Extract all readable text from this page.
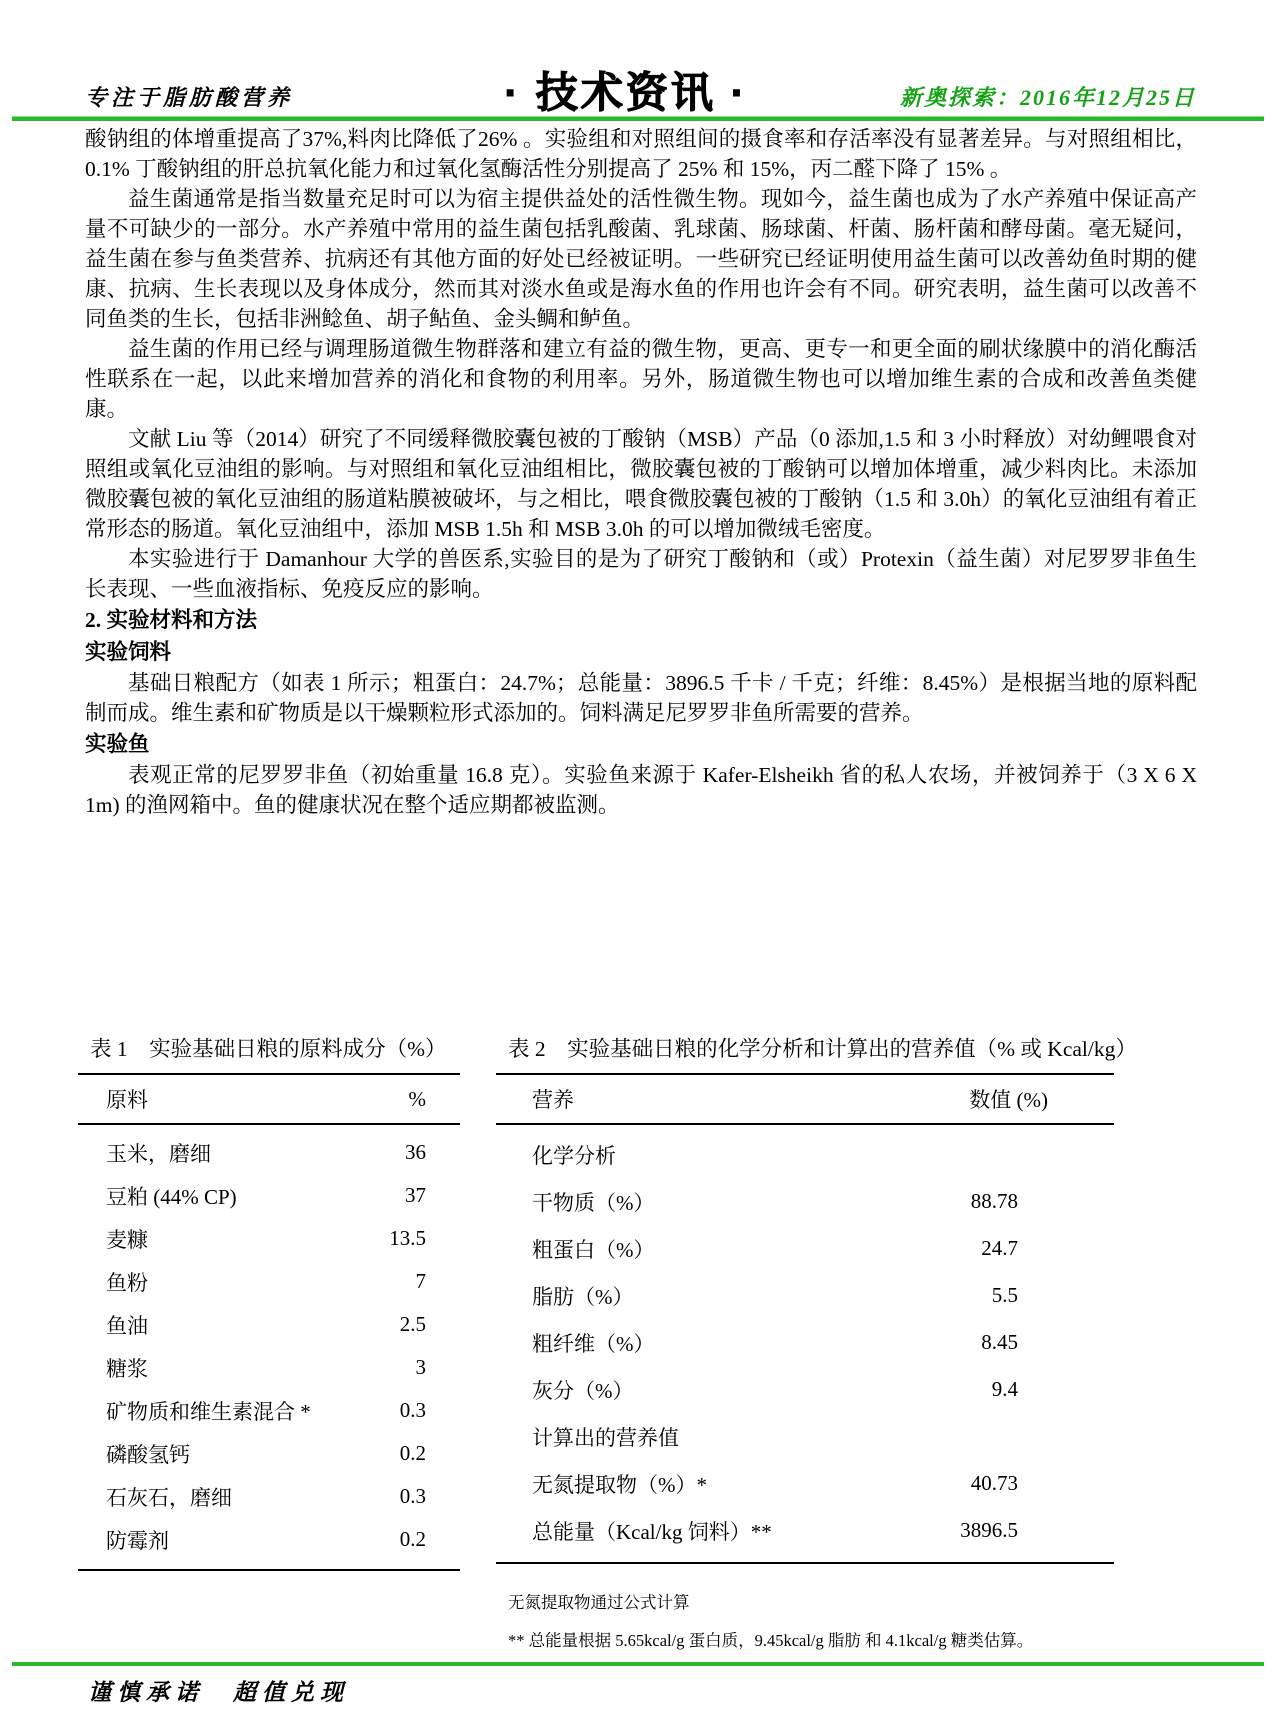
专注于脂肪酸营养	· 技术资讯 ·	新奥探索：2016年12月25日

酸钠组的体增重提高了37%,料肉比降低了26% 。实验组和对照组间的摄食率和存活率没有显著差异。与对照组相比，0.1% 丁酸钠组的肝总抗氧化能力和过氧化氢酶活性分别提高了 25% 和 15%，丙二醛下降了 15% 。

益生菌通常是指当数量充足时可以为宿主提供益处的活性微生物。现如今，益生菌也成为了水产养殖中保证高产量不可缺少的一部分。水产养殖中常用的益生菌包括乳酸菌、乳球菌、肠球菌、杆菌、肠杆菌和酵母菌。毫无疑问，益生菌在参与鱼类营养、抗病还有其他方面的好处已经被证明。一些研究已经证明使用益生菌可以改善幼鱼时期的健康、抗病、生长表现以及身体成分，然而其对淡水鱼或是海水鱼的作用也许会有不同。研究表明，益生菌可以改善不同鱼类的生长，包括非洲鲶鱼、胡子鲇鱼、金头鲷和鲈鱼。

益生菌的作用已经与调理肠道微生物群落和建立有益的微生物，更高、更专一和更全面的刷状缘膜中的消化酶活性联系在一起，以此来增加营养的消化和食物的利用率。另外，肠道微生物也可以增加维生素的合成和改善鱼类健康。

文献 Liu 等（2014）研究了不同缓释微胶囊包被的丁酸钠（MSB）产品（0 添加,1.5 和 3 小时释放）对幼鲤喂食对照组或氧化豆油组的影响。与对照组和氧化豆油组相比，微胶囊包被的丁酸钠可以增加体增重，减少料肉比。未添加微胶囊包被的氧化豆油组的肠道粘膜被破坏，与之相比，喂食微胶囊包被的丁酸钠（1.5 和 3.0h）的氧化豆油组有着正常形态的肠道。氧化豆油组中，添加 MSB 1.5h 和 MSB 3.0h 的可以增加微绒毛密度。

本实验进行于 Damanhour 大学的兽医系,实验目的是为了研究丁酸钠和（或）Protexin（益生菌）对尼罗罗非鱼生长表现、一些血液指标、免疫反应的影响。

2. 实验材料和方法
实验饲料

基础日粮配方（如表 1 所示；粗蛋白：24.7%；总能量：3896.5 千卡 / 千克；纤维：8.45%）是根据当地的原料配制而成。维生素和矿物质是以干燥颗粒形式添加的。饲料满足尼罗罗非鱼所需要的营养。

实验鱼

表观正常的尼罗罗非鱼（初始重量 16.8 克）。实验鱼来源于 Kafer-Elsheikh 省的私人农场，并被饲养于（3 X 6 X 1m) 的渔网箱中。鱼的健康状况在整个适应期都被监测。

表 1　实验基础日粮的原料成分（%）
原料	%
玉米，磨细	36
豆粕 (44% CP)	37
麦糠	13.5
鱼粉	7
鱼油	2.5
糖浆	3
矿物质和维生素混合 *	0.3
磷酸氢钙	0.2
石灰石，磨细	0.3
防霉剂	0.2
表 2　实验基础日粮的化学分析和计算出的营养值（% 或 Kcal/kg）
营养	数值 (%)
化学分析
干物质（%）	88.78
粗蛋白（%）	24.7
脂肪（%）	5.5
粗纤维（%）	8.45
灰分（%）	9.4
计算出的营养值
无氮提取物（%）*	40.73
总能量（Kcal/kg 饲料）**	3896.5
无氮提取物通过公式计算
** 总能量根据 5.65kcal/g 蛋白质，9.45kcal/g 脂肪 和 4.1kcal/g 糖类估算。
谨慎承诺　超值兑现
